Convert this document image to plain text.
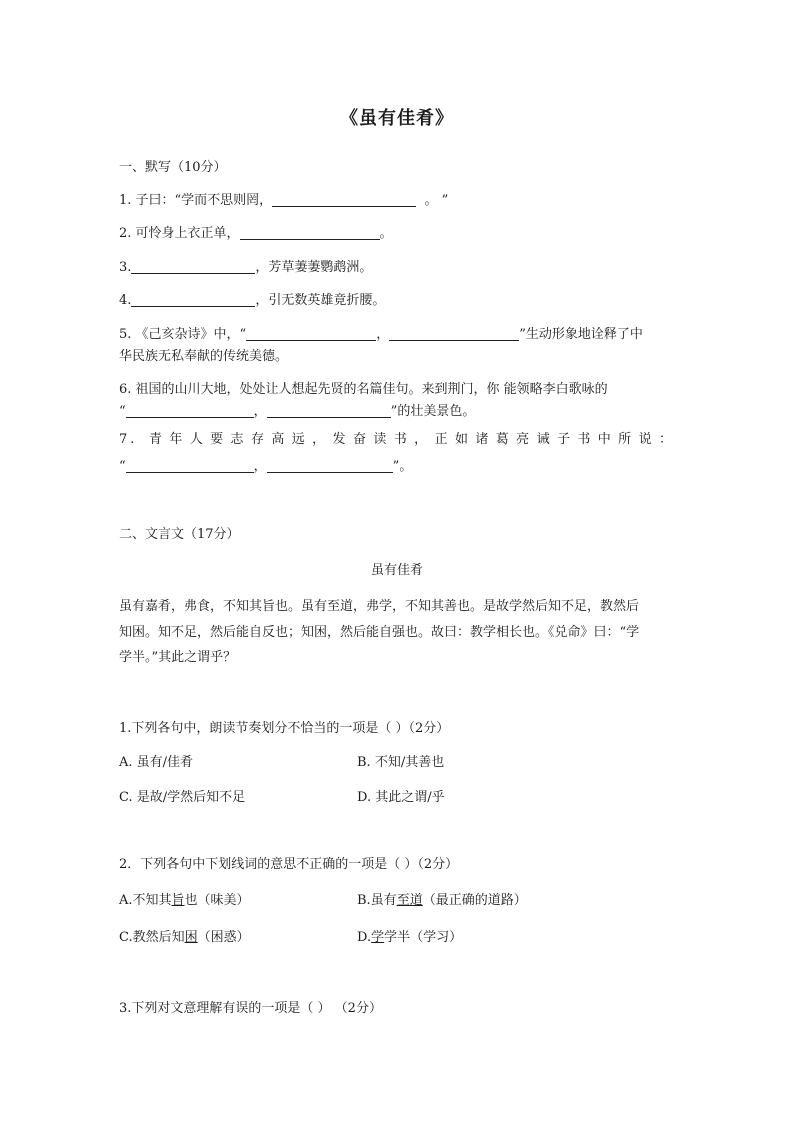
《虽有佳肴》
一、默写（10分）
1. 子曰：“学而不思则罔，	。 ”
2. 可怜身上衣正单，	。
3.	，芳草萋萋鹦鹉洲。
4.	，引无数英雄竟折腰。
5. 《己亥杂诗》中，“	，	”生动形象地诠释了中
华民族无私奉献的传统美德。
6. 祖国的山川大地，处处让人想起先贤的名篇佳句。来到荆门，你 能领略李白歌咏的
“	，	”的壮美景色。
7. 青年人要志存高远，发奋读书，正如诸葛亮诫子书中所说：
“	，	”。
二、文言文（17分）
虽有佳肴
虽有嘉肴，弗食，不知其旨也。虽有至道，弗学，不知其善也。是故学然后知不足，教然后
知困。知不足，然后能自反也；知困，然后能自强也。故曰：教学相长也。《兑命》曰：“学
学半。”其此之谓乎？
1.下列各句中，朗读节奏划分不恰当的一项是（ ）（2分）
A. 虽有/佳肴	B. 不知/其善也
C. 是故/学然后知不足	D. 其此之谓/乎
2．下列各句中下划线词的意思不正确的一项是（ ）（2分）
A.不知其旨也（味美）	B.虽有至道（最正确的道路）
C.教然后知困（困惑）	D.学学半（学习）
3.下列对文意理解有误的一项是（ ） （2分）
